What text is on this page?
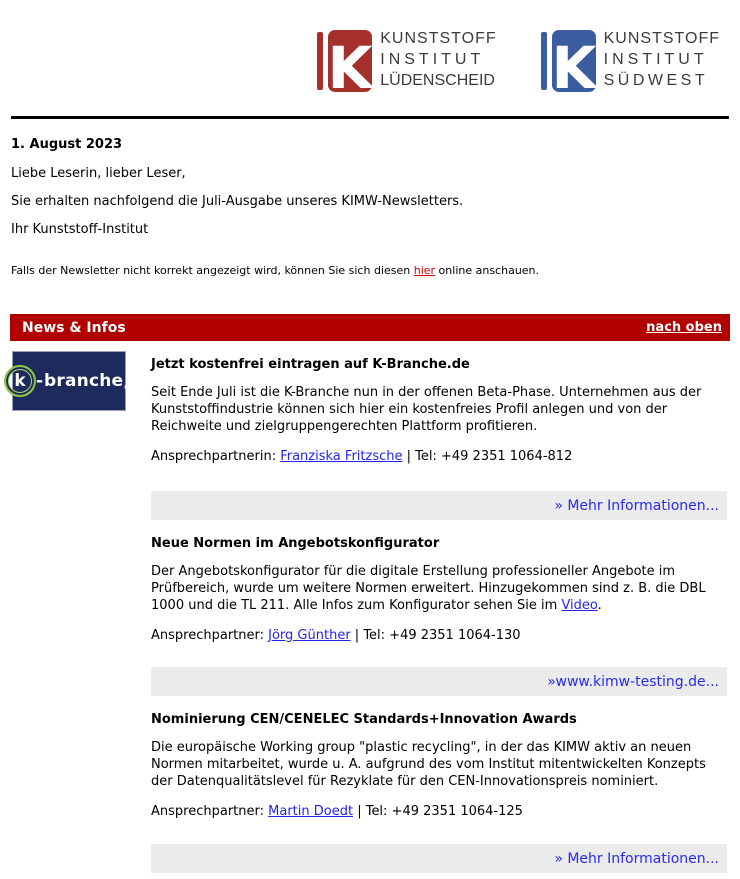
K KUNSTSTOFF
INSTITUT
LÜDENSCHEID K KUNSTSTOFF
INSTITUT
SÜDWEST
1. August 2023

Liebe Leserin, lieber Leser,

Sie erhalten nachfolgend die Juli-Ausgabe unseres KIMW-Newsletters.

Ihr Kunststoff-Institut

Falls der Newsletter nicht korrekt angezeigt wird, können Sie sich diesen hier online anschauen.
News & Infos	nach oben
k - branche de
Jetzt kostenfrei eintragen auf K-Branche.de

Seit Ende Juli ist die K-Branche nun in der offenen Beta-Phase. Unternehmen aus der Kunststoffindustrie können sich hier ein kostenfreies Profil anlegen und von der Reichweite und zielgruppengerechten Plattform profitieren.

Ansprechpartnerin: Franziska Fritzsche | Tel: +49 2351 1064-812
» Mehr Informationen...
Neue Normen im Angebotskonfigurator

Der Angebotskonfigurator für die digitale Erstellung professioneller Angebote im Prüfbereich, wurde um weitere Normen erweitert. Hinzugekommen sind z. B. die DBL 1000 und die TL 211. Alle Infos zum Konfigurator sehen Sie im Video.

Ansprechpartner: Jörg Günther | Tel: +49 2351 1064-130
»www.kimw-testing.de...
Nominierung CEN/CENELEC Standards+Innovation Awards

Die europäische Working group "plastic recycling", in der das KIMW aktiv an neuen Normen mitarbeitet, wurde u. A. aufgrund des vom Institut mitentwickelten Konzepts der Datenqualitätslevel für Rezyklate für den CEN-Innovationspreis nominiert.

Ansprechpartner: Martin Doedt | Tel: +49 2351 1064-125
» Mehr Informationen...
